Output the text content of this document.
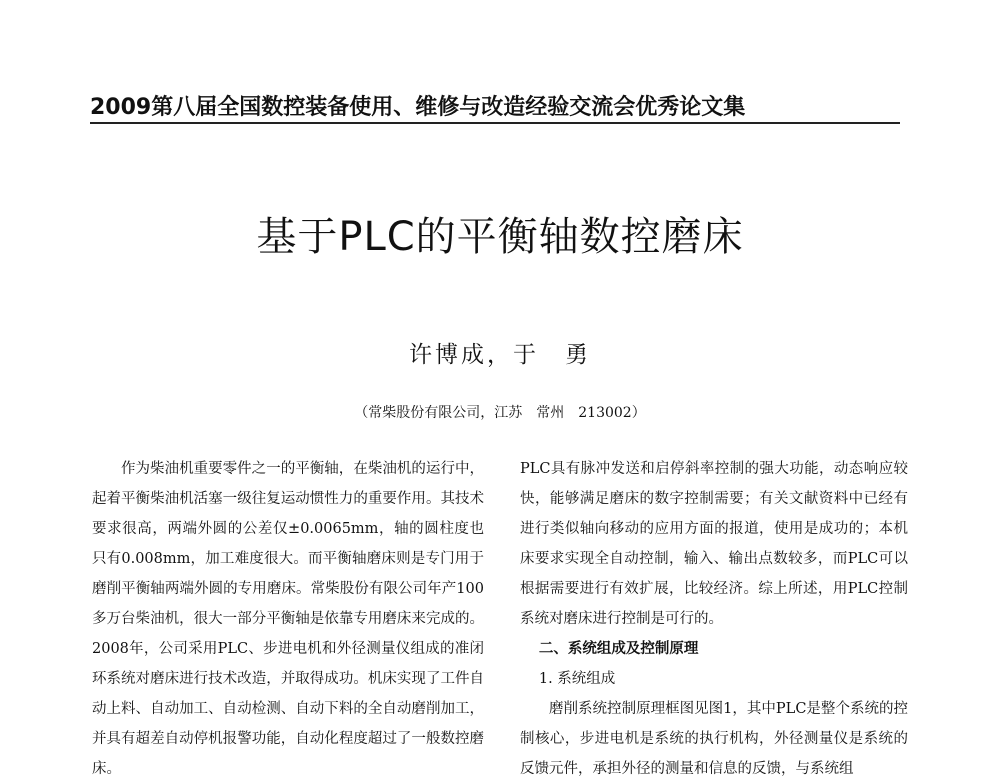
2009第八届全国数控装备使用、维修与改造经验交流会优秀论文集
基于PLC的平衡轴数控磨床
许博成，于　勇
（常柴股份有限公司，江苏　常州　213002）

作为柴油机重要零件之一的平衡轴，在柴油机的运行中，起着平衡柴油机活塞一级往复运动惯性力的重要作用。其技术要求很高，两端外圆的公差仅±0.0065mm，轴的圆柱度也只有0.008mm，加工难度很大。而平衡轴磨床则是专门用于磨削平衡轴两端外圆的专用磨床。常柴股份有限公司年产100多万台柴油机，很大一部分平衡轴是依靠专用磨床来完成的。2008年，公司采用PLC、步进电机和外径测量仪组成的准闭环系统对磨床进行技术改造，并取得成功。机床实现了工件自动上料、自动加工、自动检测、自动下料的全自动磨削加工，并具有超差自动停机报警功能，自动化程度超过了一般数控磨床。

PLC具有脉冲发送和启停斜率控制的强大功能，动态响应较快，能够满足磨床的数字控制需要；有关文献资料中已经有进行类似轴向移动的应用方面的报道，使用是成功的；本机床要求实现全自动控制，输入、输出点数较多，而PLC可以根据需要进行有效扩展，比较经济。综上所述，用PLC控制系统对磨床进行控制是可行的。

二、系统组成及控制原理

1. 系统组成

磨削系统控制原理框图见图1，其中PLC是整个系统的控制核心，步进电机是系统的执行机构，外径测量仪是系统的反馈元件，承担外径的测量和信息的反馈，与系统组
